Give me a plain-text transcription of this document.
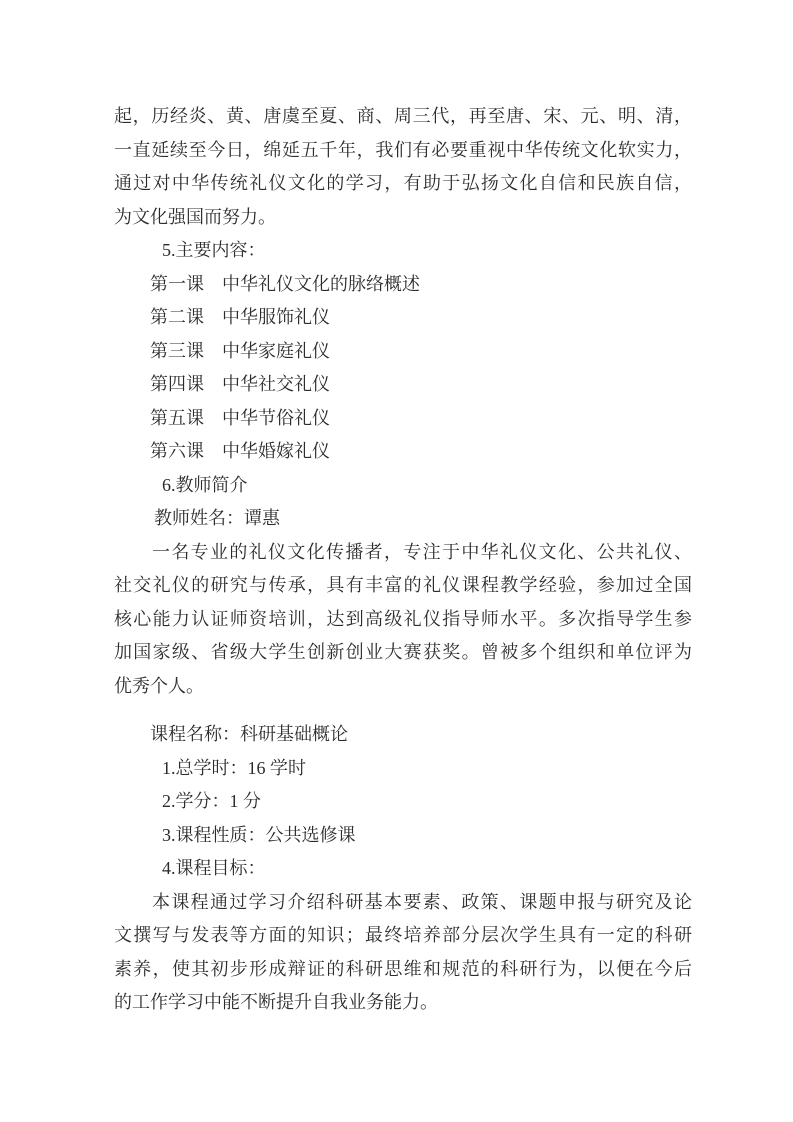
起，历经炎、黄、唐虞至夏、商、周三代，再至唐、宋、元、明、清，
一直延续至今日，绵延五千年，我们有必要重视中华传统文化软实力，
通过对中华传统礼仪文化的学习，有助于弘扬文化自信和民族自信，
为文化强国而努力。
5.主要内容：
第一课　中华礼仪文化的脉络概述
第二课　中华服饰礼仪
第三课　中华家庭礼仪
第四课　中华社交礼仪
第五课　中华节俗礼仪
第六课　中华婚嫁礼仪
6.教师简介
教师姓名：谭惠
一名专业的礼仪文化传播者，专注于中华礼仪文化、公共礼仪、
社交礼仪的研究与传承，具有丰富的礼仪课程教学经验，参加过全国
核心能力认证师资培训，达到高级礼仪指导师水平。多次指导学生参
加国家级、省级大学生创新创业大赛获奖。曾被多个组织和单位评为
优秀个人。
课程名称：科研基础概论
1.总学时：16 学时
2.学分：1 分
3.课程性质：公共选修课
4.课程目标：
本课程通过学习介绍科研基本要素、政策、课题申报与研究及论
文撰写与发表等方面的知识；最终培养部分层次学生具有一定的科研
素养，使其初步形成辩证的科研思维和规范的科研行为，以便在今后
的工作学习中能不断提升自我业务能力。
